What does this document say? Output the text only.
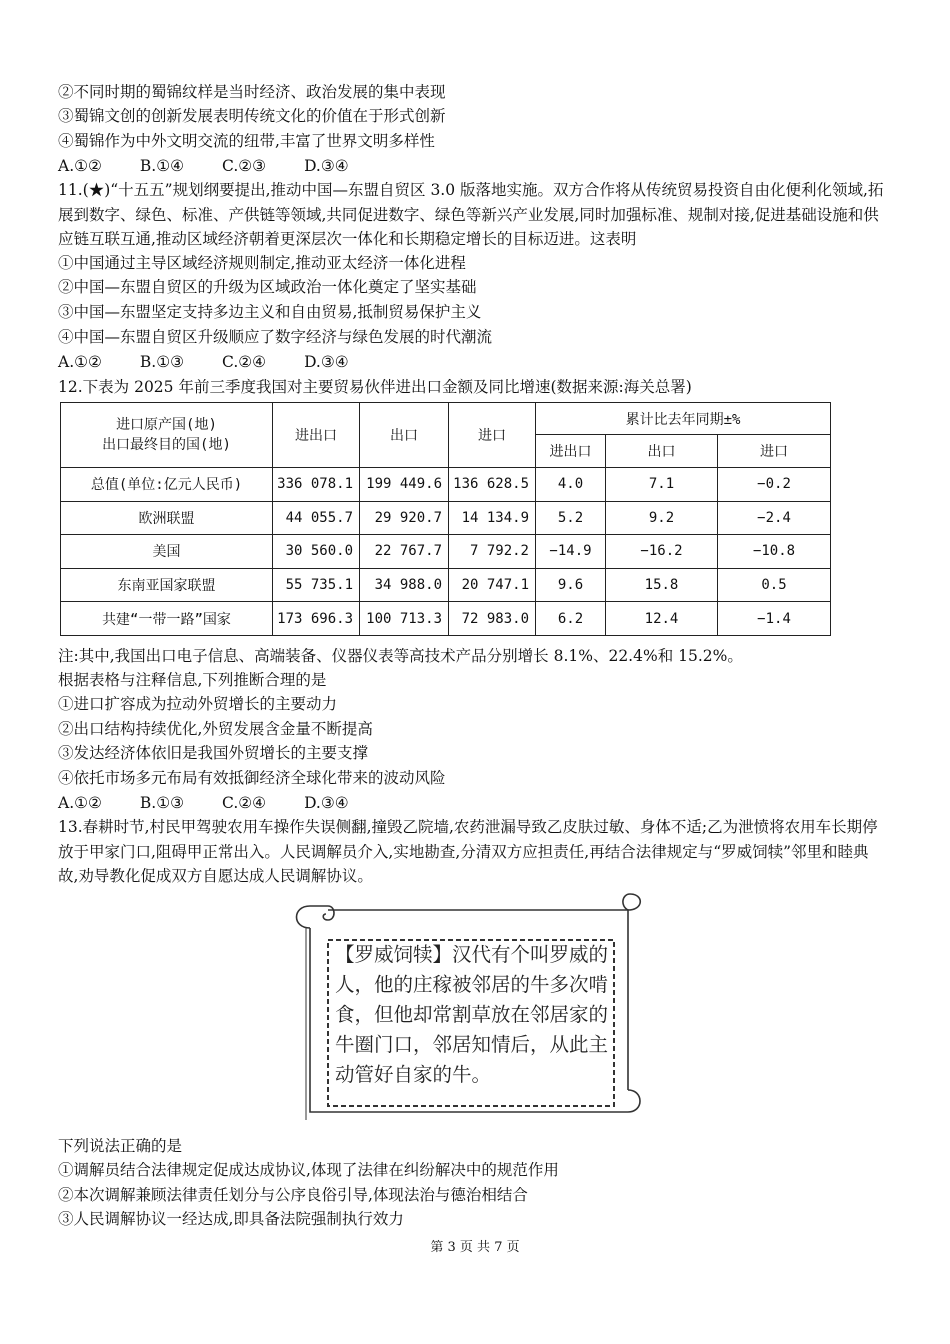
②不同时期的蜀锦纹样是当时经济、政治发展的集中表现
③蜀锦文创的创新发展表明传统文化的价值在于形式创新
④蜀锦作为中外文明交流的纽带,丰富了世界文明多样性
A.①② B.①④ C.②③ D.③④
11.(★)“十五五”规划纲要提出,推动中国—东盟自贸区 3.0 版落地实施。双方合作将从传统贸易投资自由化便利化领域,拓展到数字、绿色、标准、产供链等领域,共同促进数字、绿色等新兴产业发展,同时加强标准、规制对接,促进基础设施和供应链互联互通,推动区域经济朝着更深层次一体化和长期稳定增长的目标迈进。这表明
①中国通过主导区域经济规则制定,推动亚太经济一体化进程
②中国—东盟自贸区的升级为区域政治一体化奠定了坚实基础
③中国—东盟坚定支持多边主义和自由贸易,抵制贸易保护主义
④中国—东盟自贸区升级顺应了数字经济与绿色发展的时代潮流
A.①② B.①③ C.②④ D.③④
12.下表为 2025 年前三季度我国对主要贸易伙伴进出口金额及同比增速(数据来源:海关总署)
进口原产国(地)
出口最终目的国(地)	进出口	出口	进口	累计比去年同期±%		
				进出口	出口	进口
总值(单位:亿元人民币)	336 078.1	199 449.6	136 628.5	4.0	7.1	−0.2
欧洲联盟	44 055.7	29 920.7	14 134.9	5.2	9.2	−2.4
美国	30 560.0	22 767.7	7 792.2	−14.9	−16.2	−10.8
东南亚国家联盟	55 735.1	34 988.0	20 747.1	9.6	15.8	0.5
共建“一带一路”国家	173 696.3	100 713.3	72 983.0	6.2	12.4	−1.4
注:其中,我国出口电子信息、高端装备、仪器仪表等高技术产品分别增长 8.1%、22.4%和 15.2%。
根据表格与注释信息,下列推断合理的是
①进口扩容成为拉动外贸增长的主要动力
②出口结构持续优化,外贸发展含金量不断提高
③发达经济体依旧是我国外贸增长的主要支撑
④依托市场多元布局有效抵御经济全球化带来的波动风险
A.①② B.①③ C.②④ D.③④
13.春耕时节,村民甲驾驶农用车操作失误侧翻,撞毁乙院墙,农药泄漏导致乙皮肤过敏、身体不适;乙为泄愤将农用车长期停放于甲家门口,阻碍甲正常出入。人民调解员介入,实地勘查,分清双方应担责任,再结合法律规定与“罗威饲犊”邻里和睦典故,劝导教化促成双方自愿达成人民调解协议。
【罗威饲犊】汉代有个叫罗威的人，他的庄稼被邻居的牛多次啃食，但他却常割草放在邻居家的牛圈门口，邻居知情后，从此主动管好自家的牛。
下列说法正确的是
①调解员结合法律规定促成达成协议,体现了法律在纠纷解决中的规范作用
②本次调解兼顾法律责任划分与公序良俗引导,体现法治与德治相结合
③人民调解协议一经达成,即具备法院强制执行效力
第 3 页 共 7 页
